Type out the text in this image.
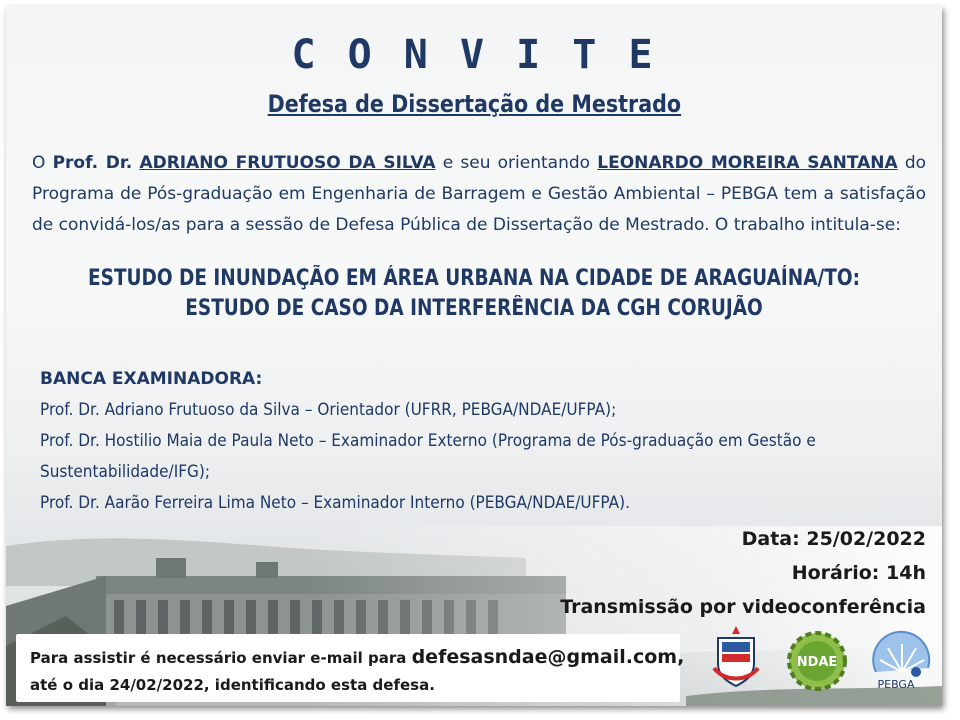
C O N V I T E
Defesa de Dissertação de Mestrado
O Prof. Dr. ADRIANO FRUTUOSO DA SILVA e seu orientando LEONARDO MOREIRA SANTANA do Programa de Pós-graduação em Engenharia de Barragem e Gestão Ambiental – PEBGA tem a satisfação de convidá-los/as para a sessão de Defesa Pública de Dissertação de Mestrado. O trabalho intitula-se:
ESTUDO DE INUNDAÇÃO EM ÁREA URBANA NA CIDADE DE ARAGUAÍNA/TO:
ESTUDO DE CASO DA INTERFERÊNCIA DA CGH CORUJÃO
BANCA EXAMINADORA:
Prof. Dr. Adriano Frutuoso da Silva – Orientador (UFRR, PEBGA/NDAE/UFPA);
Prof. Dr. Hostilio Maia de Paula Neto – Examinador Externo (Programa de Pós-graduação em Gestão e
Sustentabilidade/IFG);
Prof. Dr. Aarão Ferreira Lima Neto – Examinador Interno (PEBGA/NDAE/UFPA).
Data: 25/02/2022
Horário: 14h
Transmissão por videoconferência
Para assistir é necessário enviar e-mail para defesasndae@gmail.com,
até o dia 24/02/2022, identificando esta defesa.
NDAE
PEBGA
